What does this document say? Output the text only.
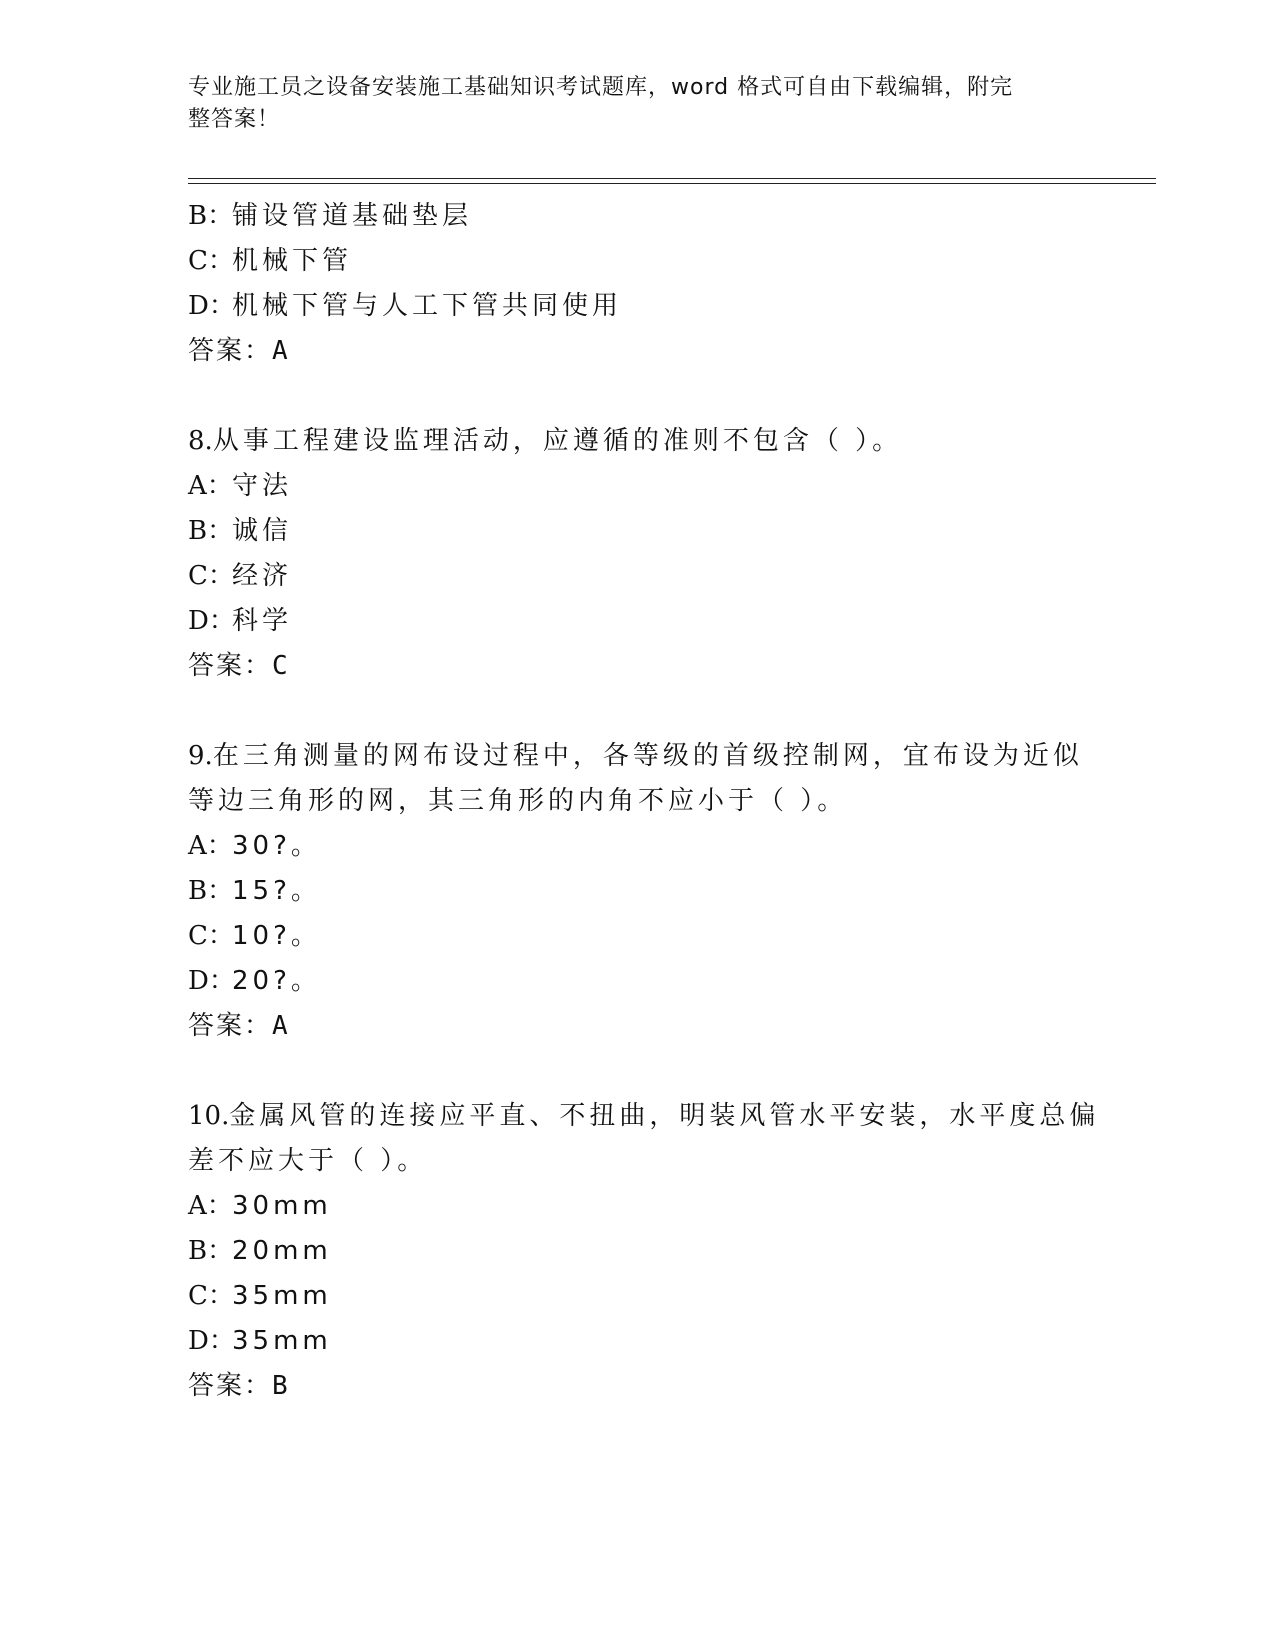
专业施工员之设备安装施工基础知识考试题库，word 格式可自由下载编辑，附完
整答案！
B：铺设管道基础垫层
C：机械下管
D：机械下管与人工下管共同使用
答案：A
8.从事工程建设监理活动，应遵循的准则不包含（ ）。
A：守法
B：诚信
C：经济
D：科学
答案：C
9.在三角测量的网布设过程中，各等级的首级控制网，宜布设为近似
等边三角形的网，其三角形的内角不应小于（ ）。
A：30?。
B：15?。
C：10?。
D：20?。
答案：A
10.金属风管的连接应平直、不扭曲，明装风管水平安装，水平度总偏
差不应大于（ ）。
A：30mm
B：20mm
C：35mm
D：35mm
答案：B
